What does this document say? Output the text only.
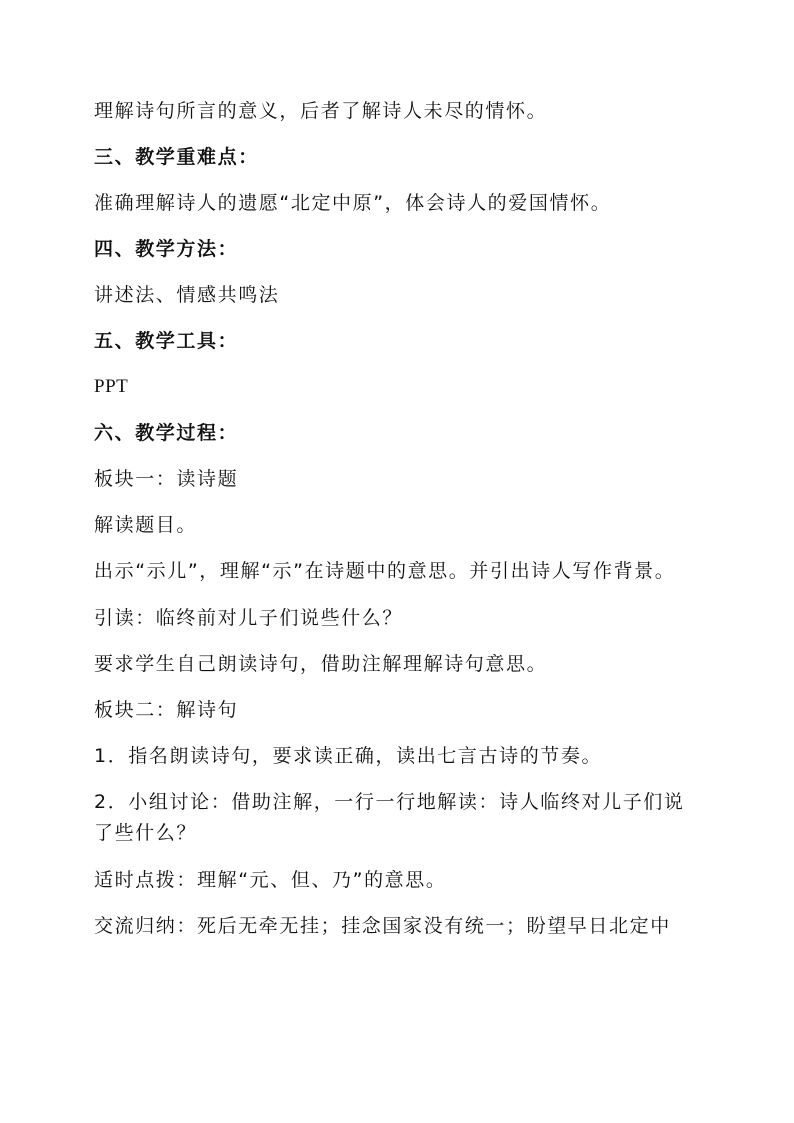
理解诗句所言的意义，后者了解诗人未尽的情怀。

三、教学重难点：

准确理解诗人的遗愿“北定中原”，体会诗人的爱国情怀。

四、教学方法：

讲述法、情感共鸣法

五、教学工具：

PPT

六、教学过程：

板块一：读诗题

解读题目。

出示“示儿”，理解“示”在诗题中的意思。并引出诗人写作背景。

引读：临终前对儿子们说些什么？

要求学生自己朗读诗句，借助注解理解诗句意思。

板块二：解诗句

1．指名朗读诗句，要求读正确，读出七言古诗的节奏。

2．小组讨论：借助注解，一行一行地解读：诗人临终对儿子们说了些什么？

适时点拨：理解“元、但、乃”的意思。

交流归纳：死后无牵无挂；挂念国家没有统一；盼望早日北定中
